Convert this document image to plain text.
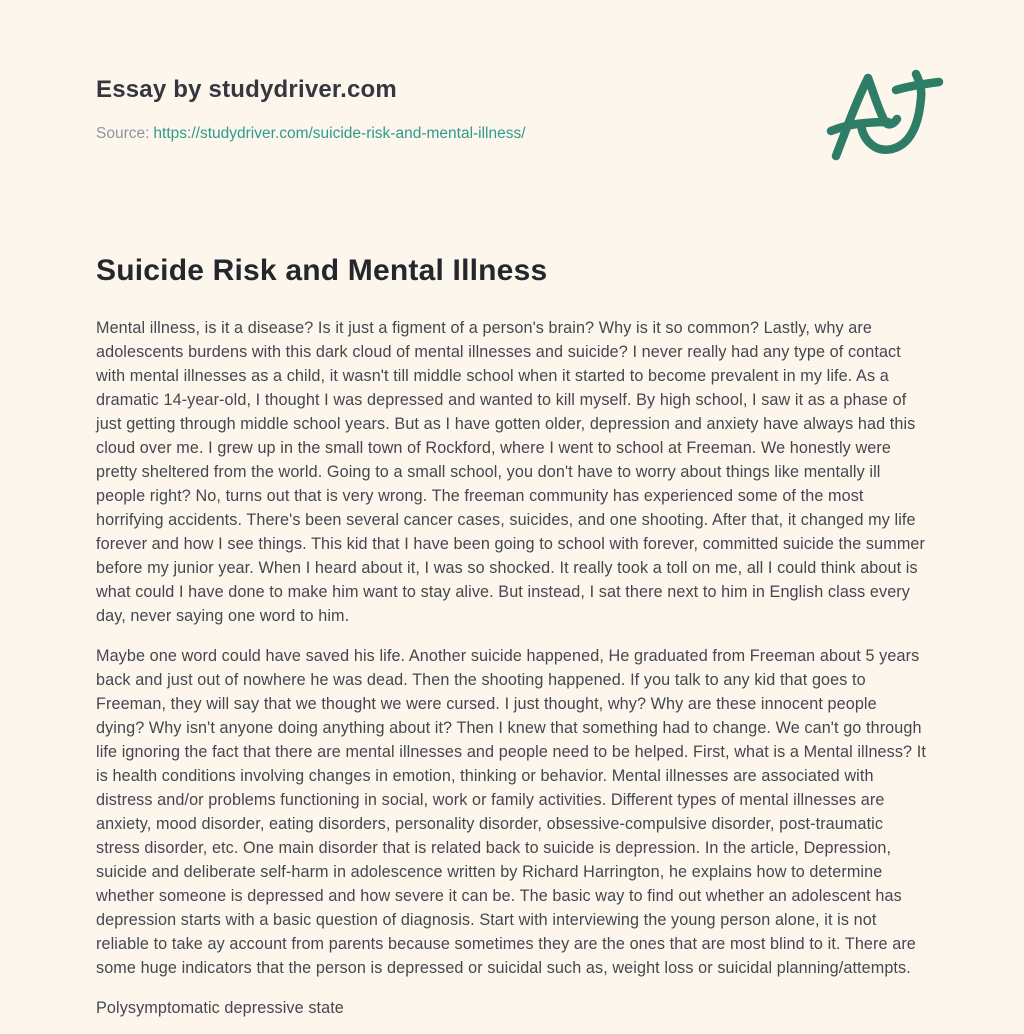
Essay by studydriver.com
Source: https://studydriver.com/suicide-risk-and-mental-illness/
Suicide Risk and Mental Illness

Mental illness, is it a disease? Is it just a figment of a person's brain? Why is it so common? Lastly, why are adolescents burdens with this dark cloud of mental illnesses and suicide? I never really had any type of contact with mental illnesses as a child, it wasn't till middle school when it started to become prevalent in my life. As a dramatic 14-year-old, I thought I was depressed and wanted to kill myself. By high school, I saw it as a phase of just getting through middle school years. But as I have gotten older, depression and anxiety have always had this cloud over me. I grew up in the small town of Rockford, where I went to school at Freeman. We honestly were pretty sheltered from the world. Going to a small school, you don't have to worry about things like mentally ill people right? No, turns out that is very wrong. The freeman community has experienced some of the most horrifying accidents. There's been several cancer cases, suicides, and one shooting. After that, it changed my life forever and how I see things. This kid that I have been going to school with forever, committed suicide the summer before my junior year. When I heard about it, I was so shocked. It really took a toll on me, all I could think about is what could I have done to make him want to stay alive. But instead, I sat there next to him in English class every day, never saying one word to him.

Maybe one word could have saved his life. Another suicide happened, He graduated from Freeman about 5 years back and just out of nowhere he was dead. Then the shooting happened. If you talk to any kid that goes to Freeman, they will say that we thought we were cursed. I just thought, why? Why are these innocent people dying? Why isn't anyone doing anything about it? Then I knew that something had to change. We can't go through life ignoring the fact that there are mental illnesses and people need to be helped. First, what is a Mental illness? It is health conditions involving changes in emotion, thinking or behavior. Mental illnesses are associated with distress and/or problems functioning in social, work or family activities. Different types of mental illnesses are anxiety, mood disorder, eating disorders, personality disorder, obsessive-compulsive disorder, post-traumatic stress disorder, etc. One main disorder that is related back to suicide is depression. In the article, Depression, suicide and deliberate self-harm in adolescence written by Richard Harrington, he explains how to determine whether someone is depressed and how severe it can be. The basic way to find out whether an adolescent has depression starts with a basic question of diagnosis. Start with interviewing the young person alone, it is not reliable to take ay account from parents because sometimes they are the ones that are most blind to it. There are some huge indicators that the person is depressed or suicidal such as, weight loss or suicidal planning/attempts.

Polysymptomatic depressive state
